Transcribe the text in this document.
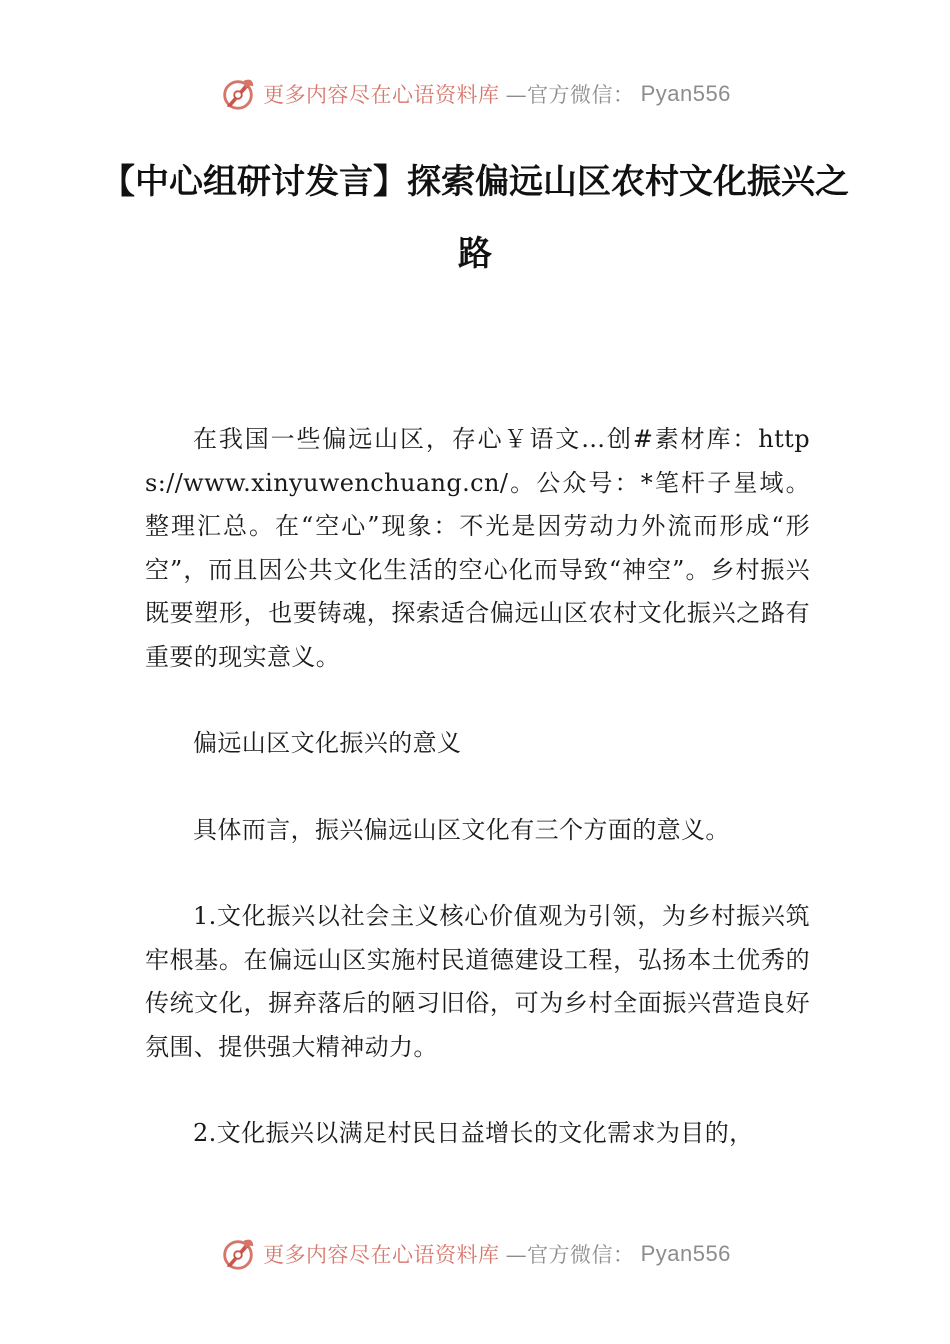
更多内容尽在心语资料库 —官方微信： Pyan556
【中心组研讨发言】探索偏远山区农村文化振兴之路

在我国一些偏远山区，存心￥语文…创#素材库：https://www.xinyuwenchuang.cn/。公众号：*笔杆子星域。整理汇总。在“空心”现象：不光是因劳动力外流而形成“形空”，而且因公共文化生活的空心化而导致“神空”。乡村振兴既要塑形，也要铸魂，探索适合偏远山区农村文化振兴之路有重要的现实意义。

偏远山区文化振兴的意义

具体而言，振兴偏远山区文化有三个方面的意义。

1.文化振兴以社会主义核心价值观为引领，为乡村振兴筑牢根基。在偏远山区实施村民道德建设工程，弘扬本土优秀的传统文化，摒弃落后的陋习旧俗，可为乡村全面振兴营造良好氛围、提供强大精神动力。

2.文化振兴以满足村民日益增长的文化需求为目的，

更多内容尽在心语资料库 —官方微信： Pyan556
